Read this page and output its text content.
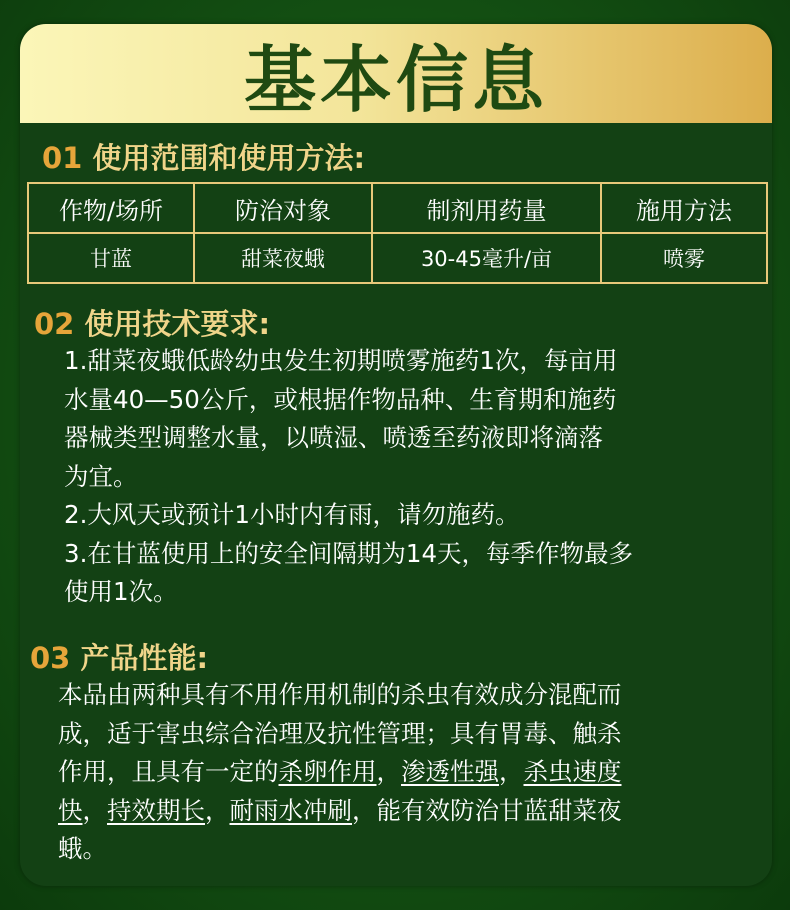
基本信息
01 使用范围和使用方法:
作物/场所	防治对象	制剂用药量	施用方法
甘蓝	甜菜夜蛾	30-45毫升/亩	喷雾
02 使用技术要求:
1.甜菜夜蛾低龄幼虫发生初期喷雾施药1次，每亩用
水量40—50公斤，或根据作物品种、生育期和施药
器械类型调整水量，以喷湿、喷透至药液即将滴落
为宜。
2.大风天或预计1小时内有雨，请勿施药。
3.在甘蓝使用上的安全间隔期为14天，每季作物最多
使用1次。
03 产品性能:
本品由两种具有不用作用机制的杀虫有效成分混配而
成，适于害虫综合治理及抗性管理；具有胃毒、触杀
作用，且具有一定的杀卵作用，渗透性强，杀虫速度
快，持效期长，耐雨水冲刷，能有效防治甘蓝甜菜夜
蛾。
